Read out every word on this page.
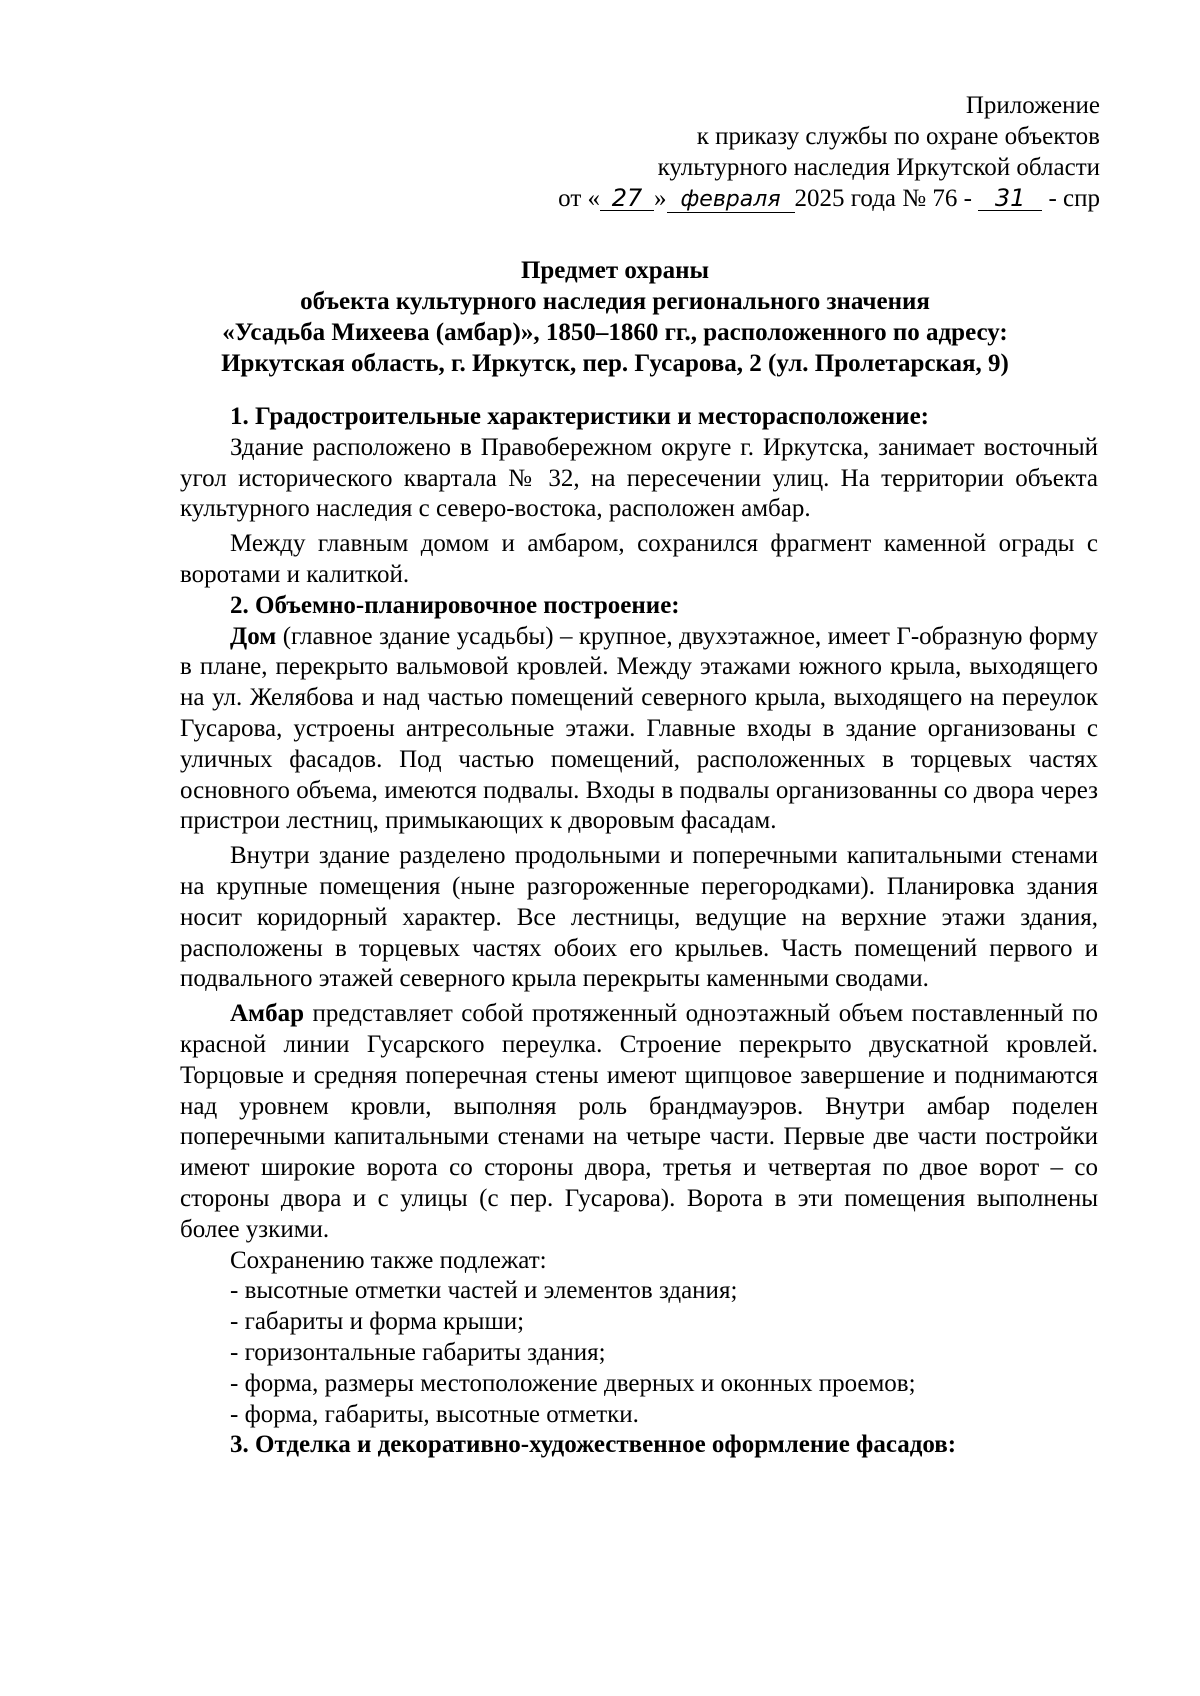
Приложение
к приказу службы по охране объектов
культурного наследия Иркутской области
от « 27 » февраля 2025 года № 76 - 31 - спр
Предмет охраны
объекта культурного наследия регионального значения
«Усадьба Михеева (амбар)», 1850–1860 гг., расположенного по адресу:
Иркутская область, г. Иркутск, пер. Гусарова, 2 (ул. Пролетарская, 9)
1. Градостроительные характеристики и месторасположение:

Здание расположено в Правобережном округе г. Иркутска, занимает восточный угол исторического квартала № 32, на пересечении улиц. На территории объекта культурного наследия с северо-востока, расположен амбар.

Между главным домом и амбаром, сохранился фрагмент каменной ограды с воротами и калиткой.

2. Объемно-планировочное построение:

Дом (главное здание усадьбы) – крупное, двухэтажное, имеет Г-образную форму в плане, перекрыто вальмовой кровлей. Между этажами южного крыла, выходящего на ул. Желябова и над частью помещений северного крыла, выходящего на переулок Гусарова, устроены антресольные этажи. Главные входы в здание организованы с уличных фасадов. Под частью помещений, расположенных в торцевых частях основного объема, имеются подвалы. Входы в подвалы организованны со двора через пристрои лестниц, примыкающих к дворовым фасадам.

Внутри здание разделено продольными и поперечными капитальными стенами на крупные помещения (ныне разгороженные перегородками). Планировка здания носит коридорный характер. Все лестницы, ведущие на верхние этажи здания, расположены в торцевых частях обоих его крыльев. Часть помещений первого и подвального этажей северного крыла перекрыты каменными сводами.

Амбар представляет собой протяженный одноэтажный объем поставленный по красной линии Гусарского переулка. Строение перекрыто двускатной кровлей. Торцовые и средняя поперечная стены имеют щипцовое завершение и поднимаются над уровнем кровли, выполняя роль брандмауэров. Внутри амбар поделен поперечными капитальными стенами на четыре части. Первые две части постройки имеют широкие ворота со стороны двора, третья и четвертая по двое ворот – со стороны двора и с улицы (с пер. Гусарова). Ворота в эти помещения выполнены более узкими.

Сохранению также подлежат:

- высотные отметки частей и элементов здания;
- габариты и форма крыши;
- горизонтальные габариты здания;
- форма, размеры местоположение дверных и оконных проемов;
- форма, габариты, высотные отметки.
3. Отделка и декоративно-художественное оформление фасадов:
